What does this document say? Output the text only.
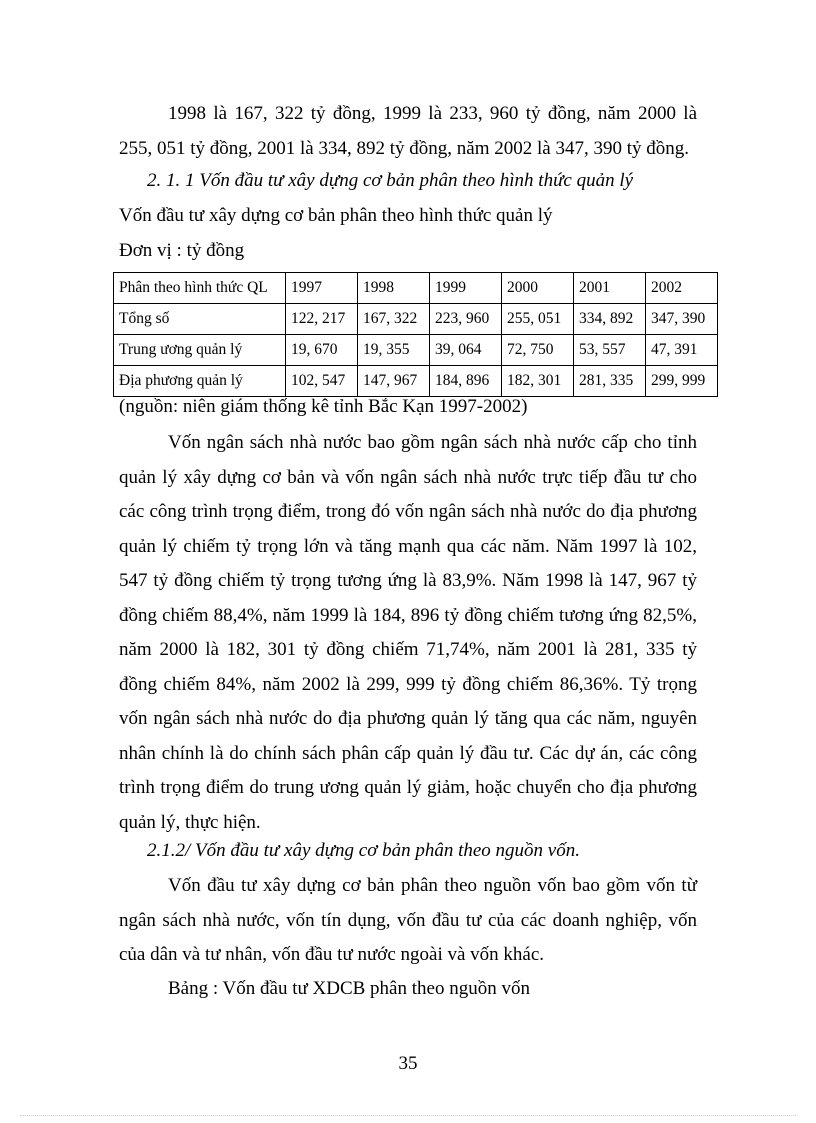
1998 là 167, 322 tỷ đồng, 1999 là 233, 960 tỷ đồng, năm 2000 là 255, 051 tỷ đồng, 2001 là 334, 892 tỷ đồng, năm 2002 là 347, 390 tỷ đồng.

2. 1. 1 Vốn đầu tư xây dựng cơ bản phân theo hình thức quản lý
Vốn đầu tư xây dựng cơ bản phân theo hình thức quản lý
Đơn vị : tỷ đồng
Phân theo hình thức QL	1997	1998	1999	2000	2001	2002
Tổng số	122, 217	167, 322	223, 960	255, 051	334, 892	347, 390
Trung ương quản lý	19, 670	19, 355	39, 064	72, 750	53, 557	47, 391
Địa phương quản lý	102, 547	147, 967	184, 896	182, 301	281, 335	299, 999
(nguồn: niên giám thống kê tỉnh Bắc Kạn 1997-2002)

Vốn ngân sách nhà nước bao gồm ngân sách nhà nước cấp cho tỉnh quản lý xây dựng cơ bản và vốn ngân sách nhà nước trực tiếp đầu tư cho các công trình trọng điểm, trong đó vốn ngân sách nhà nước do địa phương quản lý chiếm tỷ trọng lớn và tăng mạnh qua các năm. Năm 1997 là 102, 547 tỷ đồng chiếm tỷ trọng tương ứng là 83,9%. Năm 1998 là 147, 967 tỷ đồng chiếm 88,4%, năm 1999 là 184, 896 tỷ đồng chiếm tương ứng 82,5%, năm 2000 là 182, 301 tỷ đồng chiếm 71,74%, năm 2001 là 281, 335 tỷ đồng chiếm 84%, năm 2002 là 299, 999 tỷ đồng chiếm 86,36%. Tỷ trọng vốn ngân sách nhà nước do địa phương quản lý tăng qua các năm, nguyên nhân chính là do chính sách phân cấp quản lý đầu tư. Các dự án, các công trình trọng điểm do trung ương quản lý giảm, hoặc chuyển cho địa phương quản lý, thực hiện.

2.1.2/ Vốn đầu tư xây dựng cơ bản phân theo nguồn vốn.

Vốn đầu tư xây dựng cơ bản phân theo nguồn vốn bao gồm vốn từ ngân sách nhà nước, vốn tín dụng, vốn đầu tư của các doanh nghiệp, vốn của dân và tư nhân, vốn đầu tư nước ngoài và vốn khác.

Bảng : Vốn đầu tư XDCB phân theo nguồn vốn
35
